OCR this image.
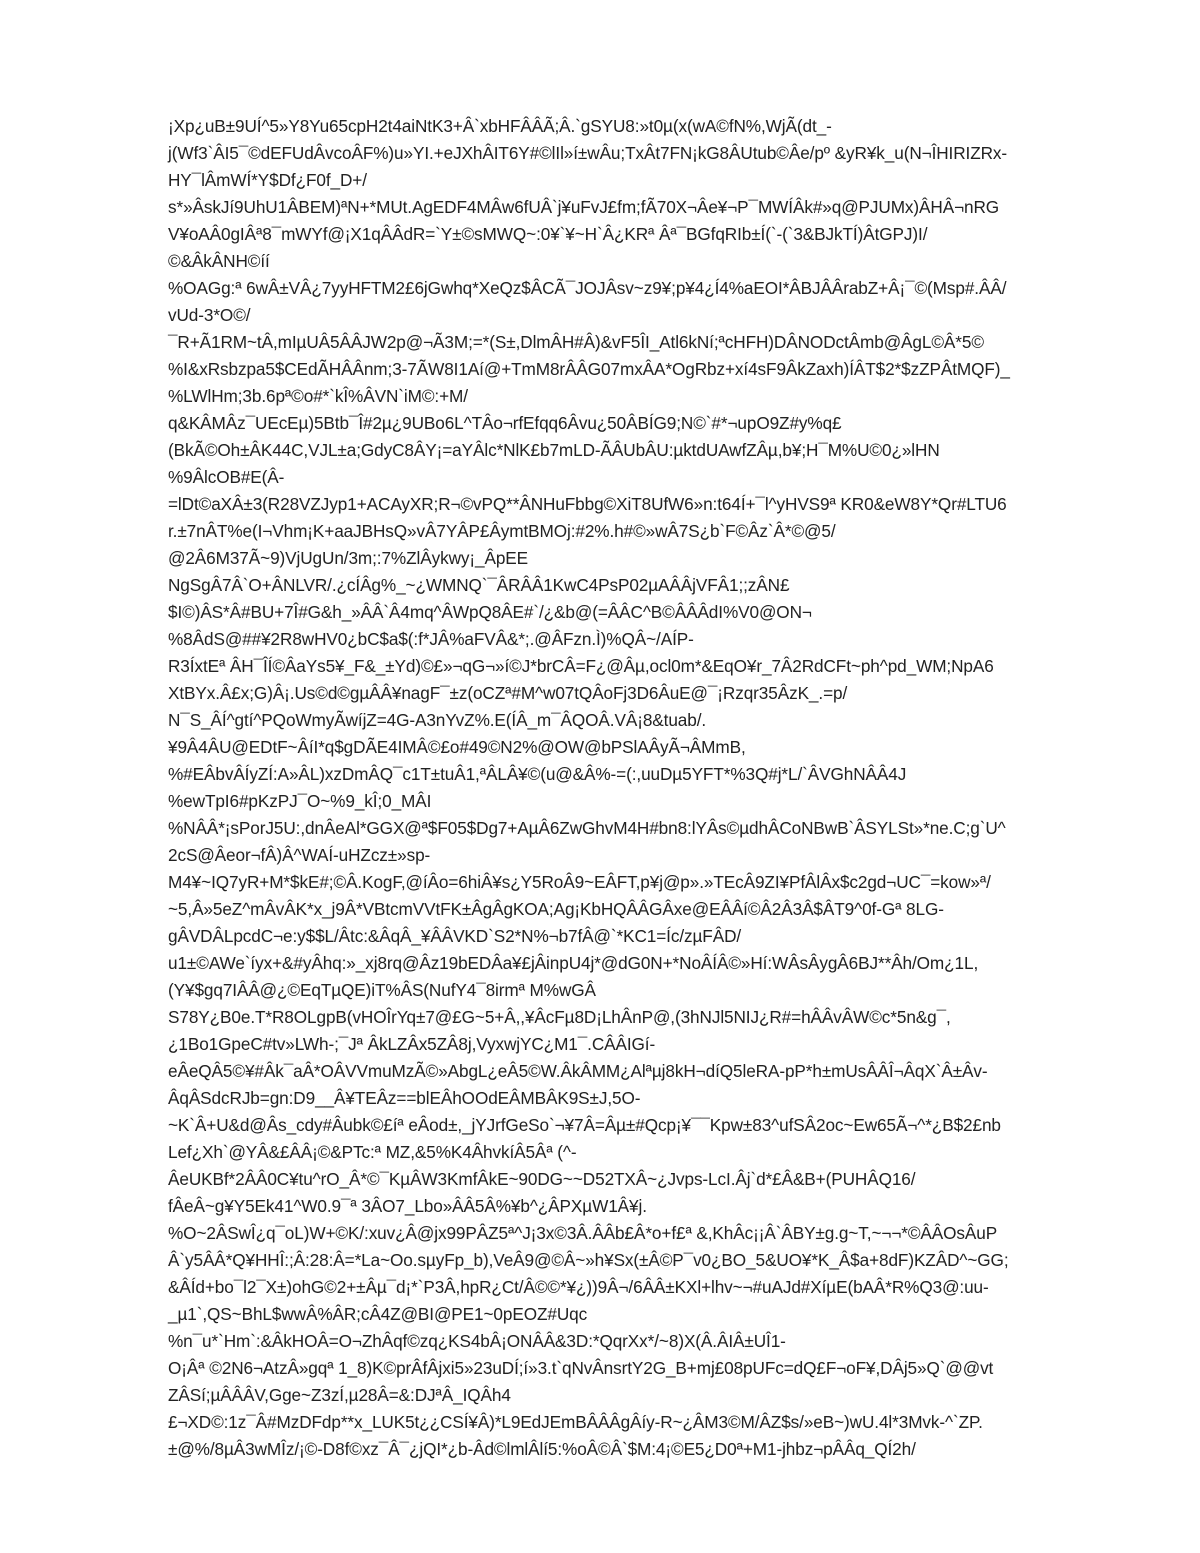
¡Xp¿uB±9UÍ^5»Y8Yu65cpH2t4aiNtK3+Â`xbHFÂÂÃ;Â.`gSYU8:»t0µ(x(wA©fN%,WjÃ(dt_-
j(Wf3`ÂI5¯©dEFUdÂvcoÂF%)u»YI.+eJXhÂIT6Y#©lIl»í±wÂu;TxÂt7FN¡kG8ÂUtub©Âe/pº &yR¥k_u(N¬ÎHIRIZRx-
HY¯lÂmWÍ*Y$Df¿F0f_D+/
s*»ÂskJí9UhU1ÂBEM)ªN+*MUt.AgEDF4MÂw6fUÂ`j¥uFvJ£fm;fÃ70X¬Âe¥¬P¯MWÍÂk#»q@PJUMx)ÂHÂ¬nRG
V¥oAÂ0gIÂª8¯mWYf@¡X1qÂÂdR=`Y±©sMWQ~:0¥`¥~H`Â¿KRª Âª¯BGfqRIb±Í(`-(`3&BJkTÍ)ÂtGPJ)I/
©&ÂkÂNH©íí
%OAGg:ª 6wÂ±VÂ¿7yyHFTM2£6jGwhq*XeQz$ÂCÃ¯JOJÂsv~z9¥;p¥4¿Í4%aEOI*ÂBJÂÂrabZ+Â¡¯©(Msp#.ÂÂ/
vUd-3*O©/
¯R+Ã1RM~tÂ,mIµUÂ5ÂÂJW2p@¬Ã3M;=*(S±,DlmÂH#Â)&vF5ÎI_Atl6kNí;ªcHFH)DÂNODctÂmb@ÂgL©Â*5©
%I&xRsbzpa5$CEdÃHÂÂnm;3-7ÃW8I1Aí@+TmM8rÂÂG07mxÂA*OgRbz+xí4sF9ÂkZaxh)ÍÂT$2*$zZPÂtMQF)_
%LWlHm;3b.6pª©o#*`kÎ%ÂVN`iM©:+M/
q&KÂMÂz¯UEcEµ)5Btb¯Î#2µ¿9UBo6L^TÂo¬rfEfqq6Âvu¿50ÂBÍG9;N©`#*¬upO9Z#y%q£
(BkÃ©Oh±ÂK44C,VJL±a;GdyC8ÂY¡=aYÂlc*NlK£b7mLD-ÃÂUbÂU:µktdUAwfZÂµ,b¥;H¯M%U©0¿»lHN
%9ÂlcOB#E(Â-
=lDt©aXÂ±3(R28VZJyp1+ACAyXR;R¬©vPQ**ÂNHuFbbg©XiT8UfW6»n:t64Í+¯l^yHVS9ª KR0&eW8Y*Qr#LTU6
r.±7nÂT%e(I¬Vhm¡K+aaJBHsQ»vÂ7YÂP£ÂymtBMOj:#2%.h#©»wÂ7S¿b`F©Âz`Â*©@5/
@2Â6M37Ã~9)VjUgUn/3m;:7%ZlÂykwy¡_ÂpEE
NgSgÂ7Â`O+ÂNLVR/.¿cÍÂg%_~¿WMNQ`¯ÂRÂÂ1KwC4PsP02µAÂÂjVFÂ1;;zÂN£
$I©)ÂS*Â#BU+7Î#G&h_»ÂÂ`Â4mq^ÂWpQ8ÂE#`/¿&b@(=ÂÂC^B©ÂÂÂdI%V0@ON¬
%8ÂdS@##¥2R8wHV0¿bC$a$(:f*JÂ%aFVÂ&*;.@ÂFzn.Ì)%QÂ~/AÍP-
R3ÍxtEª ÂH¯ÎÍ©ÂaYs5¥_F&_±Yd)©£»¬qG¬»í©J*brCÂ=F¿@Âµ,ocl0m*&EqO¥r_7Â2RdCFt~ph^pd_WM;NpA6
XtBYx.Â£x;G)Â¡.Us©d©gµÂÂ¥nagF¯±z(oCZª#M^w07tQÂoFj3D6ÂuE@¯¡Rzqr35ÂzK_.=p/
N¯S_ÂÍ^gtí^PQoWmyÃwíjZ=4G-A3nYvZ%.E(ÍÂ_m¯ÂQOÂ.VÂ¡8&tuab/.
¥9Â4ÂU@EDtF~ÂíI*q$gDÃE4IMÂ©£o#49©N2%@OW@bPSlAÂyÃ¬ÂMmB,
%#EÂbvÂÍyZÍ:A»ÂL)xzDmÂQ¯c1T±tuÂ1,ªÂLÂ¥©(u@&Â%-=(:,uuDµ5YFT*%3Q#j*L/`ÂVGhNÂÂ4J
%ewTpI6#pKzPJ¯O~%9_kÎ;0_MÂI
%NÂÂ*¡sPorJ5U:,dnÂeAl*GGX@ª$F05$Dg7+AµÂ6ZwGhvM4H#bn8:lYÂs©µdhÂCoNBwB`ÂSYLSt»*ne.C;g`U^
2cS@Âeor¬fÂ)Â^WAÍ-uHZcz±»sp-
M4¥~IQ7yR+M*$kE#;©Â.KogF,@íÂo=6hiÂ¥s¿Y5RoÂ9~EÂFT,p¥j@p».»TEcÂ9ZI¥PfÂlÂx$c2gd¬UC¯=kow»ª/
~5,Â»5eZ^mÂvÂK*x_j9Â*VBtcmVVtFK±ÂgÂgKOA;Ag¡KbHQÂÂGÂxe@EÂÂí©Â2Â3Â$ÂT9^0f-Gª 8LG-
gÂVDÂLpcdC¬e:y$$L/Âtc:&ÂqÂ_¥ÂÂVKD`S2*N%¬b7fÂ@`*KC1=Íc/zµFÂD/
u1±©AWe`íyx+&#yÂhq:»_xj8rq@Âz19bEDÂa¥£jÂinpU4j*@dG0N+*NoÂÍÂ©»Hí:WÂsÂygÂ6BJ**Âh/Om¿1L,
(Y¥$gq7IÂÂ@¿©EqTµQE)iT%ÂS(NufY4¯8irmª M%wGÂ
S78Y¿B0e.T*R8OLgpB(vHOÎrYq±7@£G~5+Â,,¥ÂcFµ8D¡LhÂnP@,(3hNJl5NIJ¿R#=hÂÂvÂW©c*5n&g¯,
¿1Bo1GpeC#tv»LWh-;¯Jª ÂkLZÂx5ZÂ8j,VyxwjYC¿M1¯.CÂÂIGí-
eÂeQÂ5©¥#Âk¯aÂ*OÂVVmuMzÃ©»AbgL¿eÂ5©W.ÂkÂMM¿Alªµj8kH¬díQ5leRA-pP*h±mUsÂÂÎ¬ÂqX`Â±Âv-
ÂqÂSdcRJb=gn:D9__Â¥TEÂz==blEÂhOOdEÂMBÂK9S±J,5O-
~K`Â+U&d@Âs_cdy#Âubk©£íª eÂod±,_jYJrfGeSo`¬¥7Â=Âµ±#Qcp¡¥¯¯Kpw±83^ufSÂ2oc~Ew65Ã¬^*¿B$2£nb
Lef¿Xh`@YÂ&£ÂÂ¡©&PTc:ª MZ,&5%K4ÂhvkíÂ5Âª (^-
ÂeUKBf*2ÂÂ0C¥tu^rO_Â*©¯KµÂW3KmfÂkE~90DG~~D52TXÂ~¿Jvps-LcI.Âj`d*£Â&B+(PUHÂQ16/
fÂeÂ~g¥Y5Ek41^W0.9¯ª 3ÂO7_Lbo»ÂÂ5Â%¥b^¿ÂPXµW1Â¥j.
%O~2ÂSwÎ¿q¯oL)W+©K/:xuv¿Â@jx99PÂZ5ª^J¡3x©3Â.ÂÂb£Â*o+f£ª &,KhÂc¡¡Â`ÂBY±g.g~T,~¬¬*©ÂÂOsÂuP
Â`y5ÂÂ*Q¥HHÎ:;Â:28:Â=*La~Oo.sµyFp_b),VeÂ9@©Â~»h¥Sx(±Â©P¯v0¿BO_5&UO¥*K_Â$a+8dF)KZÂD^~GG;
&ÂÍd+bo¯l2¯X±)ohG©2+±Âµ¯d¡*`P3Â,hpR¿Ct/Â©©*¥¿))9Â¬/6ÂÂ±KXl+lhv~¬#uAJd#XíµE(bAÂ*R%Q3@:uu-
_µ1`,QS~BhL$wwÂ%ÂR;cÂ4Z@BI@PE1~0pEOZ#Uqc
%n¯u*`Hm`:&ÂkHOÂ=O¬ZhÂqf©zq¿KS4bÂ¡ONÂÂ&3D:*QqrXx*/~8)X(Â.ÂIÂ±UÎ1-
O¡Âª ©2N6¬AtzÂ»gqª 1_8)K©prÂfÂjxi5»23uDÍ;í»3.t`qNvÂnsrtY2G_B+mj£08pUFc=dQ£F¬oF¥,DÂj5»Q`@@vt
ZÂSí;µÂÂÂV,Gge~Z3zÍ,µ28Â=&:DJªÂ_IQÂh4
£¬XD©:1z¯Â#MzDFdp**x_LUK5t¿¿CSÍ¥Â)*L9EdJEmBÂÂÂgÂíy-R~¿ÂM3©M/ÂZ$s/»eB~)wU.4l*3Mvk-^`ZP.
±@%/8µÂ3wMÎz/¡©-D8f©xz¯Â¯¿jQI*¿b-Âd©lmlÂlí5:%oÂ©Â`$M:4¡©E5¿D0ª+M1-jhbz¬pÂÂq_QÍ2h/
